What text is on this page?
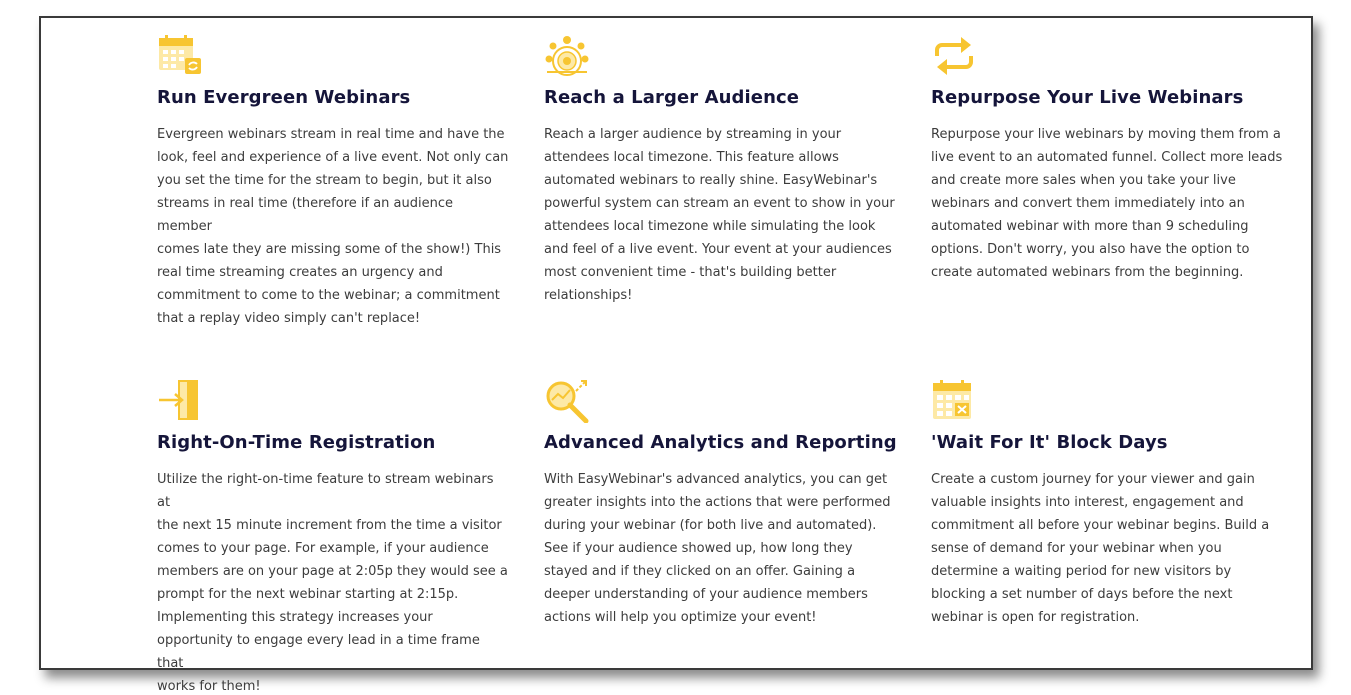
Run Evergreen Webinars
Evergreen webinars stream in real time and have the
look, feel and experience of a live event. Not only can
you set the time for the stream to begin, but it also
streams in real time (therefore if an audience member
comes late they are missing some of the show!) This
real time streaming creates an urgency and
commitment to come to the webinar; a commitment
that a replay video simply can't replace!
Reach a Larger Audience
Reach a larger audience by streaming in your
attendees local timezone. This feature allows
automated webinars to really shine. EasyWebinar's
powerful system can stream an event to show in your
attendees local timezone while simulating the look
and feel of a live event. Your event at your audiences
most convenient time - that's building better
relationships!
Repurpose Your Live Webinars
Repurpose your live webinars by moving them from a
live event to an automated funnel. Collect more leads
and create more sales when you take your live
webinars and convert them immediately into an
automated webinar with more than 9 scheduling
options. Don't worry, you also have the option to
create automated webinars from the beginning.
Right-On-Time Registration
Utilize the right-on-time feature to stream webinars at
the next 15 minute increment from the time a visitor
comes to your page. For example, if your audience
members are on your page at 2:05p they would see a
prompt for the next webinar starting at 2:15p.
Implementing this strategy increases your
opportunity to engage every lead in a time frame that
works for them!
Advanced Analytics and Reporting
With EasyWebinar's advanced analytics, you can get
greater insights into the actions that were performed
during your webinar (for both live and automated).
See if your audience showed up, how long they
stayed and if they clicked on an offer. Gaining a
deeper understanding of your audience members
actions will help you optimize your event!
'Wait For It' Block Days
Create a custom journey for your viewer and gain
valuable insights into interest, engagement and
commitment all before your webinar begins. Build a
sense of demand for your webinar when you
determine a waiting period for new visitors by
blocking a set number of days before the next
webinar is open for registration.
